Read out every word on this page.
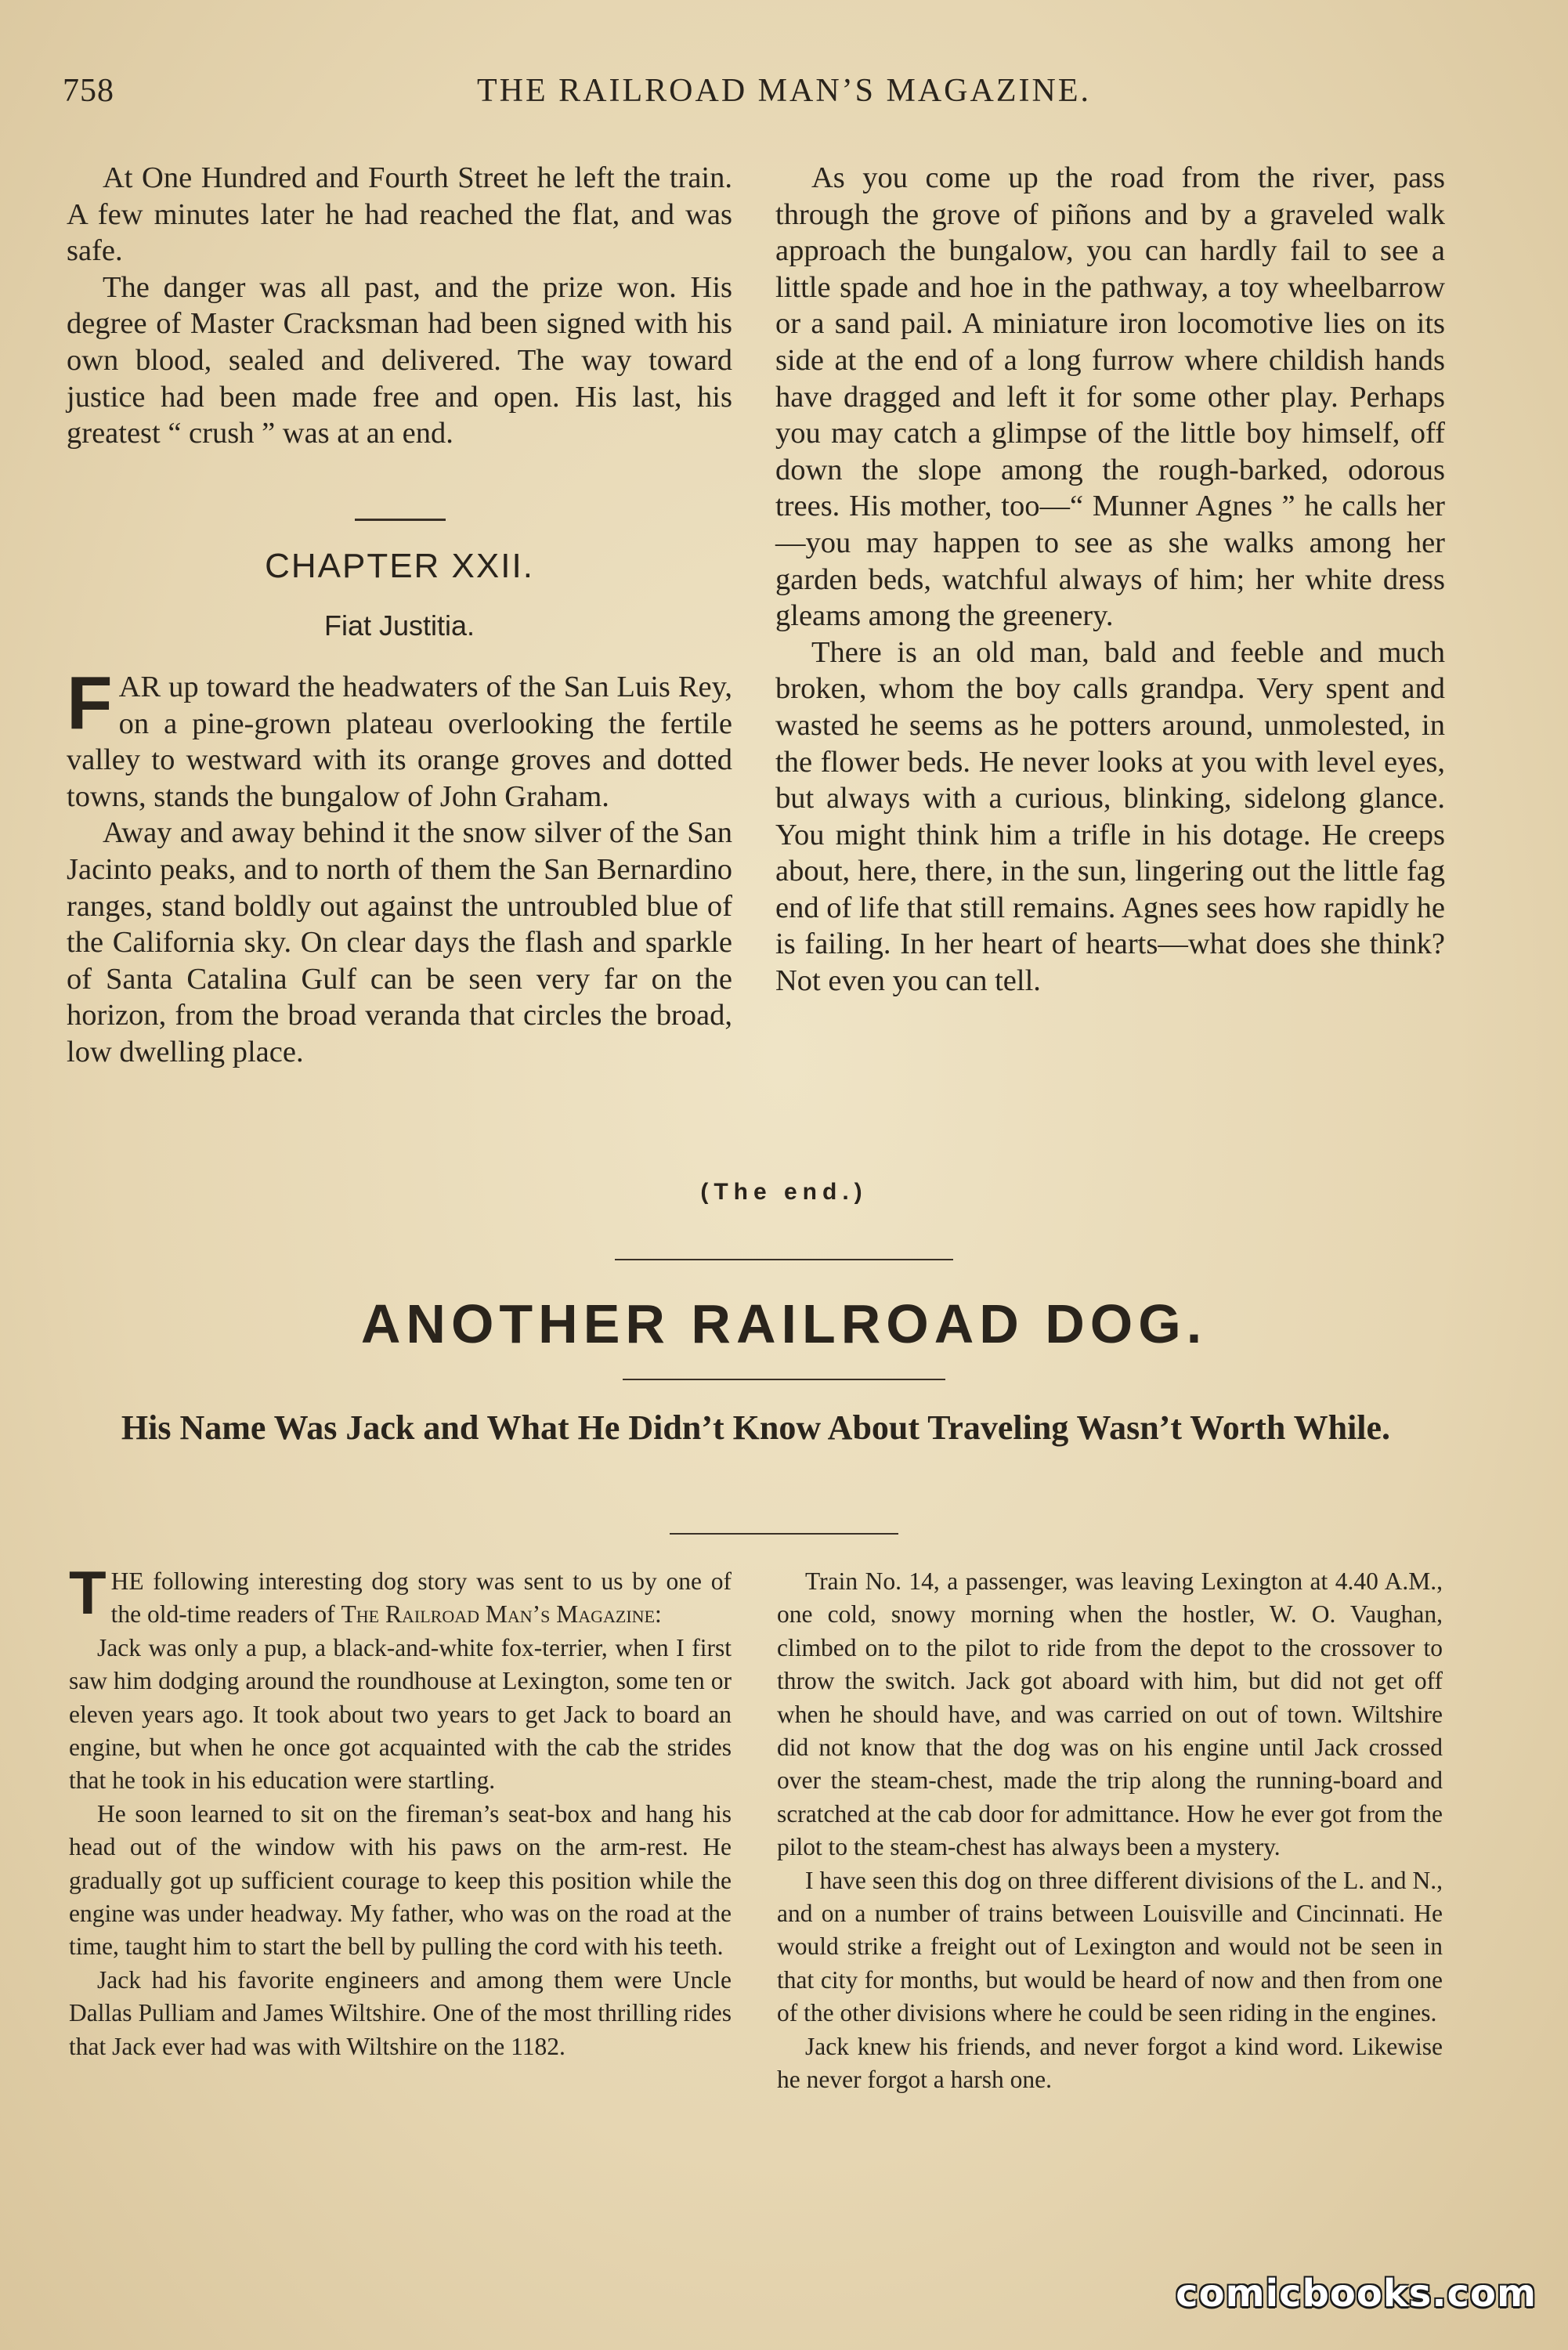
758	THE RAILROAD MAN’S MAGAZINE.

At One Hundred and Fourth Street he left the train. A few minutes later he had reached the flat, and was safe.

The danger was all past, and the prize won. His degree of Master Cracksman had been signed with his own blood, sealed and delivered. The way toward justice had been made free and open. His last, his greatest “ crush ” was at an end.

CHAPTER XXII.
Fiat Justitia.

FAR up toward the headwaters of the San Luis Rey, on a pine-grown plateau overlooking the fertile valley to westward with its orange groves and dotted towns, stands the bungalow of John Graham.

Away and away behind it the snow silver of the San Jacinto peaks, and to north of them the San Bernardino ranges, stand boldly out against the untroubled blue of the California sky. On clear days the flash and sparkle of Santa Catalina Gulf can be seen very far on the horizon, from the broad veranda that circles the broad, low dwelling place.

As you come up the road from the river, pass through the grove of piñons and by a graveled walk approach the bungalow, you can hardly fail to see a little spade and hoe in the pathway, a toy wheelbarrow or a sand pail. A miniature iron locomotive lies on its side at the end of a long furrow where childish hands have dragged and left it for some other play. Perhaps you may catch a glimpse of the little boy himself, off down the slope among the rough-barked, odorous trees. His mother, too—“ Munner Agnes ” he calls her—you may happen to see as she walks among her garden beds, watchful always of him; her white dress gleams among the greenery.

There is an old man, bald and feeble and much broken, whom the boy calls grandpa. Very spent and wasted he seems as he potters around, unmolested, in the flower beds. He never looks at you with level eyes, but always with a curious, blinking, sidelong glance. You might think him a trifle in his dotage. He creeps about, here, there, in the sun, lingering out the little fag end of life that still remains. Agnes sees how rapidly he is failing. In her heart of hearts—what does she think? Not even you can tell.

(The end.)
ANOTHER RAILROAD DOG.
His Name Was Jack and What He Didn’t Know About Traveling Wasn’t Worth While.

THE following interesting dog story was sent to us by one of the old-time readers of The Railroad Man’s Magazine:

Jack was only a pup, a black-and-white fox-terrier, when I first saw him dodging around the roundhouse at Lexington, some ten or eleven years ago. It took about two years to get Jack to board an engine, but when he once got acquainted with the cab the strides that he took in his education were startling.

He soon learned to sit on the fireman’s seat-box and hang his head out of the window with his paws on the arm-rest. He gradually got up sufficient courage to keep this position while the engine was under headway. My father, who was on the road at the time, taught him to start the bell by pulling the cord with his teeth.

Jack had his favorite engineers and among them were Uncle Dallas Pulliam and James Wiltshire. One of the most thrilling rides that Jack ever had was with Wiltshire on the 1182.

Train No. 14, a passenger, was leaving Lexington at 4.40 A.M., one cold, snowy morning when the hostler, W. O. Vaughan, climbed on to the pilot to ride from the depot to the crossover to throw the switch. Jack got aboard with him, but did not get off when he should have, and was carried on out of town. Wiltshire did not know that the dog was on his engine until Jack crossed over the steam-chest, made the trip along the running-board and scratched at the cab door for admittance. How he ever got from the pilot to the steam-chest has always been a mystery.

I have seen this dog on three different divisions of the L. and N., and on a number of trains between Louisville and Cincinnati. He would strike a freight out of Lexington and would not be seen in that city for months, but would be heard of now and then from one of the other divisions where he could be seen riding in the engines.

Jack knew his friends, and never forgot a kind word. Likewise he never forgot a harsh one.

comicbooks.com
